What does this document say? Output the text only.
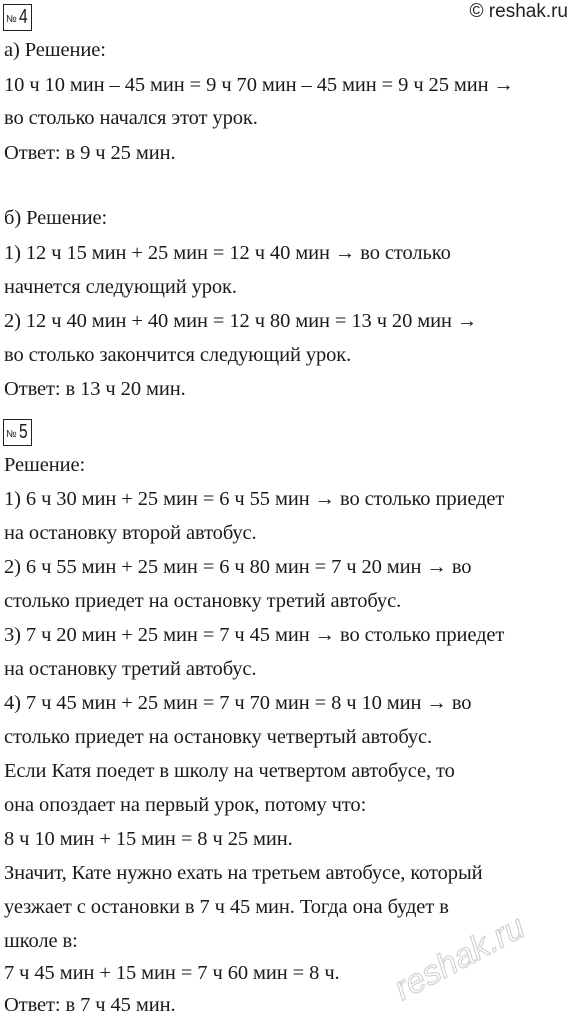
© reshak.ru
№ 4
а) Решение:
10 ч 10 мин – 45 мин = 9 ч 70 мин – 45 мин = 9 ч 25 мин →
во столько начался этот урок.
Ответ: в 9 ч 25 мин.
б) Решение:
1) 12 ч 15 мин + 25 мин = 12 ч 40 мин → во столько
начнется следующий урок.
2) 12 ч 40 мин + 40 мин = 12 ч 80 мин = 13 ч 20 мин →
во столько закончится следующий урок.
Ответ: в 13 ч 20 мин.
№ 5
Решение:
1) 6 ч 30 мин + 25 мин = 6 ч 55 мин → во столько приедет
на остановку второй автобус.
2) 6 ч 55 мин + 25 мин = 6 ч 80 мин = 7 ч 20 мин → во
столько приедет на остановку третий автобус.
3) 7 ч 20 мин + 25 мин = 7 ч 45 мин → во столько приедет
на остановку третий автобус.
4) 7 ч 45 мин + 25 мин = 7 ч 70 мин = 8 ч 10 мин → во
столько приедет на остановку четвертый автобус.
Если Катя поедет в школу на четвертом автобусе, то
она опоздает на первый урок, потому что:
8 ч 10 мин + 15 мин = 8 ч 25 мин.
Значит, Кате нужно ехать на третьем автобусе, который
уезжает с остановки в 7 ч 45 мин. Тогда она будет в
школе в:
7 ч 45 мин + 15 мин = 7 ч 60 мин = 8 ч.
Ответ: в 7 ч 45 мин.	reshak.ru
